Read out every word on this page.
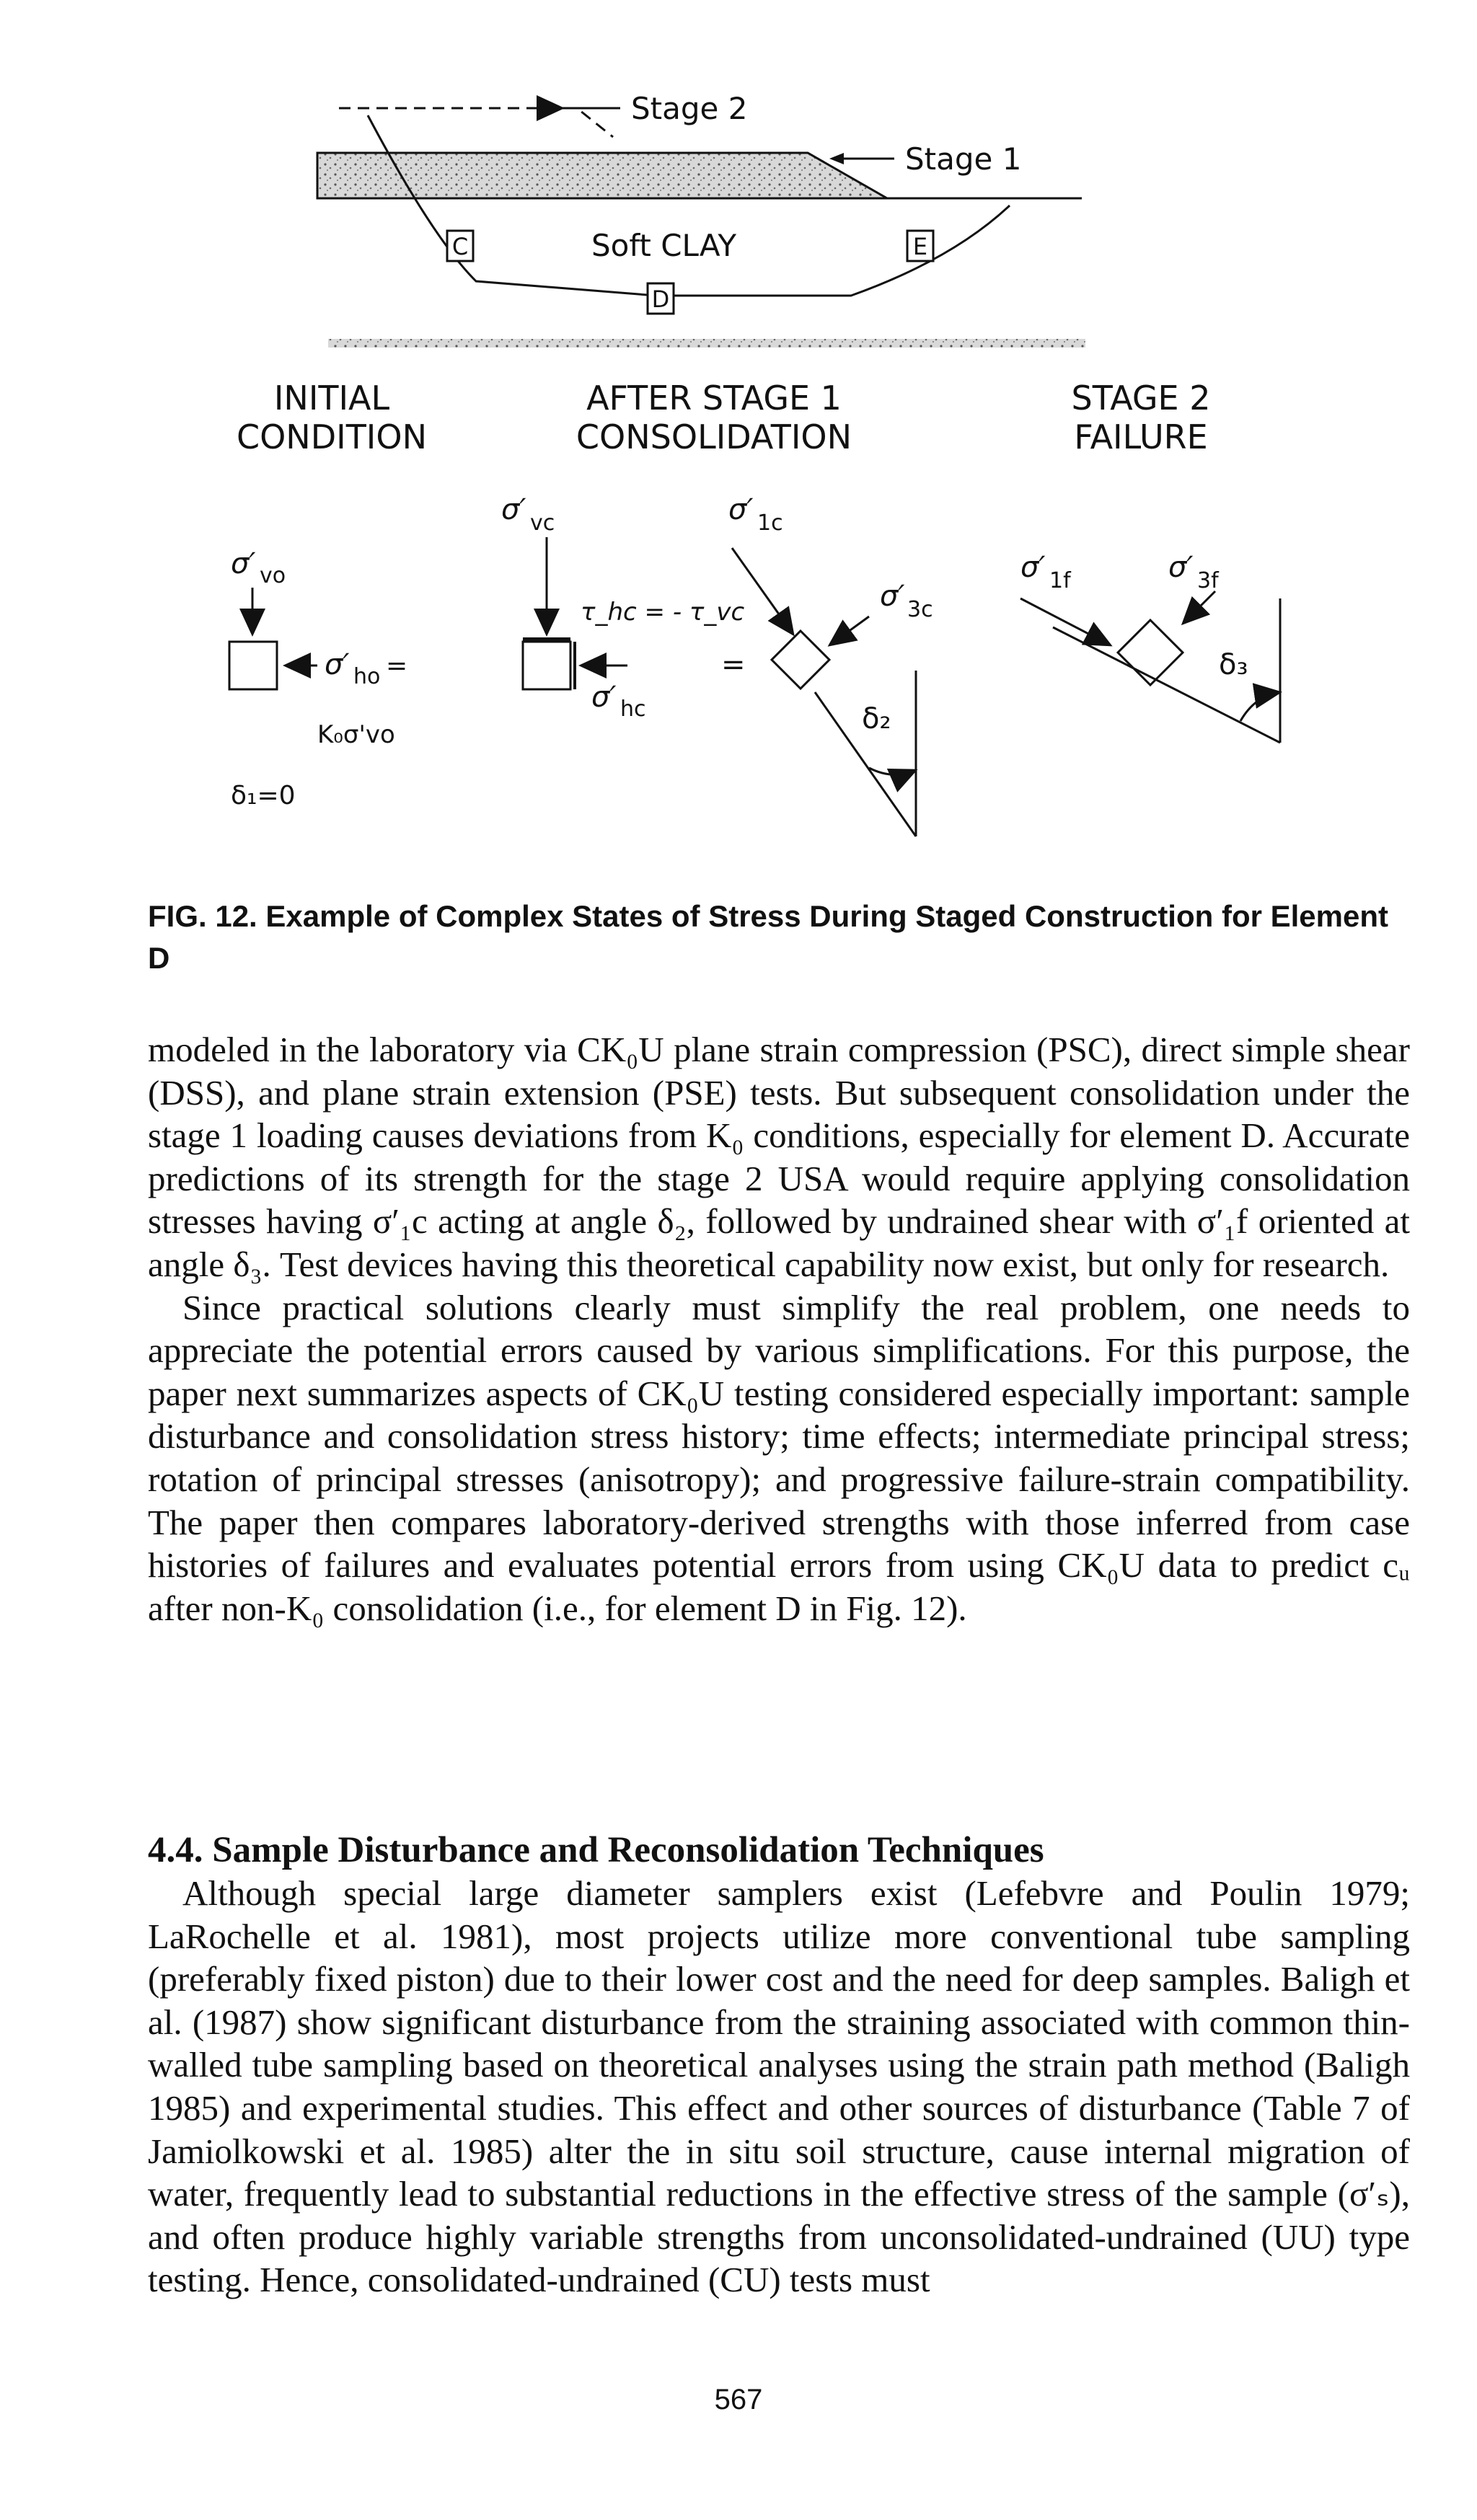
C
D
E
Soft CLAY
Stage 2
Stage 1
INITIAL
CONDITION
AFTER STAGE 1
CONSOLIDATION
STAGE 2
FAILURE
σ′ vo
σ′ ho =
K₀σ'vo
δ₁=0
σ′ vc
τ_hc = - τ_vc
σ′ hc
=
σ′ 1c
σ′ 3c
δ₂
σ′ 1f	σ′ 3f
δ₃
FIG. 12. Example of Complex States of Stress During Staged Construction for Element D

modeled in the laboratory via CK₀U plane strain compression (PSC), direct simple shear (DSS), and plane strain extension (PSE) tests. But subsequent consolidation under the stage 1 loading causes deviations from K₀ conditions, especially for element D. Accurate predictions of its strength for the stage 2 USA would require applying consolidation stresses having σ′₁c acting at angle δ₂, followed by undrained shear with σ′₁f oriented at angle δ₃. Test devices having this theoretical capability now exist, but only for research.

Since practical solutions clearly must simplify the real problem, one needs to appreciate the potential errors caused by various simplifications. For this purpose, the paper next summarizes aspects of CK₀U testing considered especially important: sample disturbance and consolidation stress history; time effects; intermediate principal stress; rotation of principal stresses (anisotropy); and progressive failure-strain compatibility. The paper then compares laboratory-derived strengths with those inferred from case histories of failures and evaluates potential errors from using CK₀U data to predict cᵤ after non-K₀ consolidation (i.e., for element D in Fig. 12).

4.4. Sample Disturbance and Reconsolidation Techniques

Although special large diameter samplers exist (Lefebvre and Poulin 1979; LaRochelle et al. 1981), most projects utilize more conventional tube sampling (preferably fixed piston) due to their lower cost and the need for deep samples. Baligh et al. (1987) show significant disturbance from the straining associated with common thin-walled tube sampling based on theoretical analyses using the strain path method (Baligh 1985) and experimental studies. This effect and other sources of disturbance (Table 7 of Jamiolkowski et al. 1985) alter the in situ soil structure, cause internal migration of water, frequently lead to substantial reductions in the effective stress of the sample (σ′ₛ), and often produce highly variable strengths from unconsolidated-undrained (UU) type testing. Hence, consolidated-undrained (CU) tests must

567
